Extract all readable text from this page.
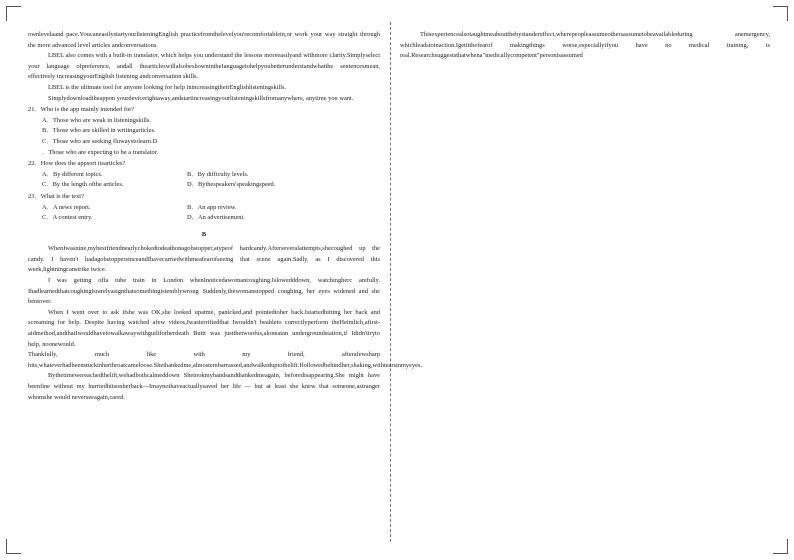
ownlevelaand pace.YoucaneasilystartyourlisteningEnglish practicefromthelevelyou'recomfortablein,or work your way straight through the more advanced level articles andconversations.

LBEL also comes with a built-in translator, which helps you understand the lessons moreeasilyand withmore clarity.Simplyselect your language ofpreference, andall thearticleswillalsobeshownintheIanguagetohelpyoubetterunderstandwhatthe sentencesmean, effectively increasingyourEnglish listening andconversation skills.

LBEL is the ultimate tool for anyone looking for help inincreasingtheirEnglishlisteningskills.

Simplydownloadtheappon yourdevicerightaway,andstartincreasingyourlisteningskillsfromanywhere, anytime you want.

21．Who is the app mainly intended for?

A．Those who are weak in listeningskills.

B．Those who are skilled in writingarticles.

C．Those who are seeking fluwaystolearn.D

．Those who are expecting to be a translator.

22．How does the appsort itsarticles?

A．By different topics.	B．By difficulty levels.
C．By the length ofthe articles.	D．Bythespeakers'speakingspeed.

23．What is the text?

A．A news report.	B．An app review.
C．A contest entry.	D．An advertisement.

B

WhenIwasnine,mybestfriendnearlychokedtodeathonagobstopper,atypeof hardcandy.Afterseveralattempts,shecoughed up the candy. I haven't hadagobstoppersinceandIhavecarriedwithmeafearofseeing that scene again.Sadly, as I discovered this week,lightningcanstrike twice.

I was getting offa tube train in London whenInoticedawomancoughing.Islowedddown, watchingherc arefully. Ihadlearnedthatcoughingisrarelyasignthatsomethingistemblywrong Suddenly,thewomanstopped coughing, her eyes widened and she bentover.

When I went over to ask ifshe was OK,she looked upatme, panicked,and pointedtoher back.Istartedhitting her back and screaming for help. Despite having watched afew videos,Iwasterrifiedthat Iwouldn't beableto correctlyperform theHeimlich,afirst-aidmethod,andthatIwouldhavetowalkawaywithguiltforherdeath Buttt was justthetwoofus,aloneatan undergroundstation,if Ididn'ttryto help, noonewould.

Thankfully, much like with my friend, afterafewsharp hits,whateverhadbeenstuckinherthroatcameloose.Shethankedme,almostembarrassed,andwalkeduptothelift.Ifollowedbehindher,shaking,withtearsinmyeyes.

Bythetimewereachedthelift,wehadbothcalmeddown Shetookmyhandsandthankedmeagain, beforedisappearing.She might have beenfine without my hurriedhitsonherback—Imaynothaveactuallysaved her life — but at least she knew that someone,astranger whomshe would neverseeagain,cared.

Thisexperiencealsotaughtmeaboutthebystandereffect,wherepeopleassumeothersassumetobeavailableduring anemergency, whichleadstoinaction.Igetitthefearof makingthings worse,especiallyifyou have no medical training, is real.Researchsuggeststhatwhena"medicallycompetent"personisassumed
